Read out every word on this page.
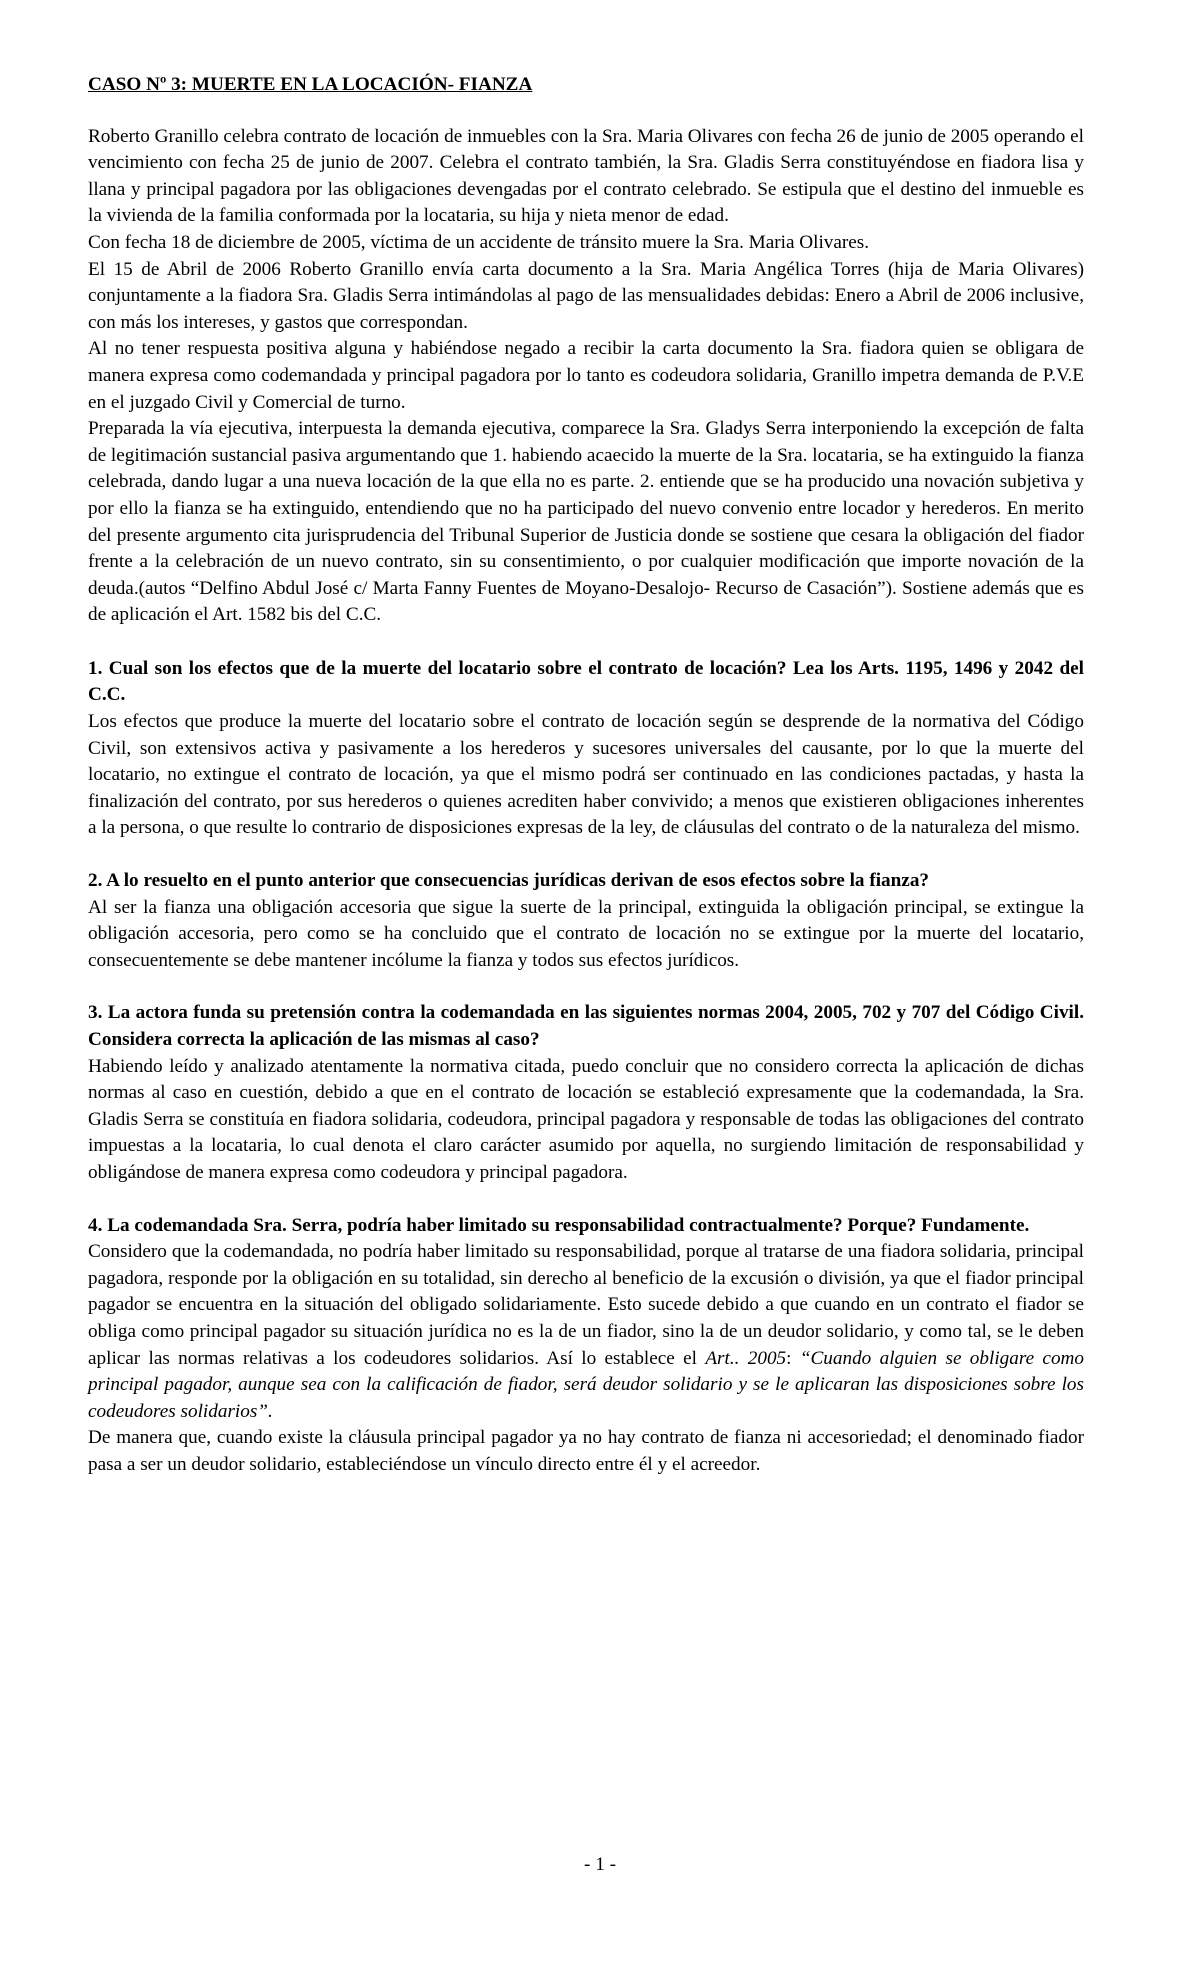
CASO Nº 3: MUERTE EN LA LOCACIÓN- FIANZA

Roberto Granillo celebra contrato de locación de inmuebles con la Sra. Maria Olivares con fecha 26 de junio de 2005 operando el vencimiento con fecha 25 de junio de 2007. Celebra el contrato también, la Sra. Gladis Serra constituyéndose en fiadora lisa y llana y principal pagadora por las obligaciones devengadas por el contrato celebrado. Se estipula que el destino del inmueble es la vivienda de la familia conformada por la locataria, su hija y nieta menor de edad.

Con fecha 18 de diciembre de 2005, víctima de un accidente de tránsito muere la Sra. Maria Olivares.

El 15 de Abril de 2006 Roberto Granillo envía carta documento a la Sra. Maria Angélica Torres (hija de Maria Olivares) conjuntamente a la fiadora Sra. Gladis Serra intimándolas al pago de las mensualidades debidas: Enero a Abril de 2006 inclusive, con más los intereses, y gastos que correspondan.

Al no tener respuesta positiva alguna y habiéndose negado a recibir la carta documento la Sra. fiadora quien se obligara de manera expresa como codemandada y principal pagadora por lo tanto es codeudora solidaria, Granillo impetra demanda de P.V.E en el juzgado Civil y Comercial de turno.

Preparada la vía ejecutiva, interpuesta la demanda ejecutiva, comparece la Sra. Gladys Serra interponiendo la excepción de falta de legitimación sustancial pasiva argumentando que 1. habiendo acaecido la muerte de la Sra. locataria, se ha extinguido la fianza celebrada, dando lugar a una nueva locación de la que ella no es parte. 2. entiende que se ha producido una novación subjetiva y por ello la fianza se ha extinguido, entendiendo que no ha participado del nuevo convenio entre locador y herederos. En merito del presente argumento cita jurisprudencia del Tribunal Superior de Justicia donde se sostiene que cesara la obligación del fiador frente a la celebración de un nuevo contrato, sin su consentimiento, o por cualquier modificación que importe novación de la deuda.(autos “Delfino Abdul José c/ Marta Fanny Fuentes de Moyano-Desalojo- Recurso de Casación”). Sostiene además que es de aplicación el Art. 1582 bis del C.C.

1. Cual son los efectos que de la muerte del locatario sobre el contrato de locación? Lea los Arts. 1195, 1496 y 2042 del C.C.

Los efectos que produce la muerte del locatario sobre el contrato de locación según se desprende de la normativa del Código Civil, son extensivos activa y pasivamente a los herederos y sucesores universales del causante, por lo que la muerte del locatario, no extingue el contrato de locación, ya que el mismo podrá ser continuado en las condiciones pactadas, y hasta la finalización del contrato, por sus herederos o quienes acrediten haber convivido; a menos que existieren obligaciones inherentes a la persona, o que resulte lo contrario de disposiciones expresas de la ley, de cláusulas del contrato o de la naturaleza del mismo.

2. A lo resuelto en el punto anterior que consecuencias jurídicas derivan de esos efectos sobre la fianza?

Al ser la fianza una obligación accesoria que sigue la suerte de la principal, extinguida la obligación principal, se extingue la obligación accesoria, pero como se ha concluido que el contrato de locación no se extingue por la muerte del locatario, consecuentemente se debe mantener incólume la fianza y todos sus efectos jurídicos.

3. La actora funda su pretensión contra la codemandada en las siguientes normas 2004, 2005, 702 y 707 del Código Civil. Considera correcta la aplicación de las mismas al caso?

Habiendo leído y analizado atentamente la normativa citada, puedo concluir que no considero correcta la aplicación de dichas normas al caso en cuestión, debido a que en el contrato de locación se estableció expresamente que la codemandada, la Sra. Gladis Serra se constituía en fiadora solidaria, codeudora, principal pagadora y responsable de todas las obligaciones del contrato impuestas a la locataria, lo cual denota el claro carácter asumido por aquella, no surgiendo limitación de responsabilidad y obligándose de manera expresa como codeudora y principal pagadora.

4. La codemandada Sra. Serra, podría haber limitado su responsabilidad contractualmente? Porque? Fundamente.

Considero que la codemandada, no podría haber limitado su responsabilidad, porque al tratarse de una fiadora solidaria, principal pagadora, responde por la obligación en su totalidad, sin derecho al beneficio de la excusión o división, ya que el fiador principal pagador se encuentra en la situación del obligado solidariamente. Esto sucede debido a que cuando en un contrato el fiador se obliga como principal pagador su situación jurídica no es la de un fiador, sino la de un deudor solidario, y como tal, se le deben aplicar las normas relativas a los codeudores solidarios. Así lo establece el Art.. 2005: “Cuando alguien se obligare como principal pagador, aunque sea con la calificación de fiador, será deudor solidario y se le aplicaran las disposiciones sobre los codeudores solidarios”.

De manera que, cuando existe la cláusula principal pagador ya no hay contrato de fianza ni accesoriedad; el denominado fiador pasa a ser un deudor solidario, estableciéndose un vínculo directo entre él y el acreedor.

- 1 -
